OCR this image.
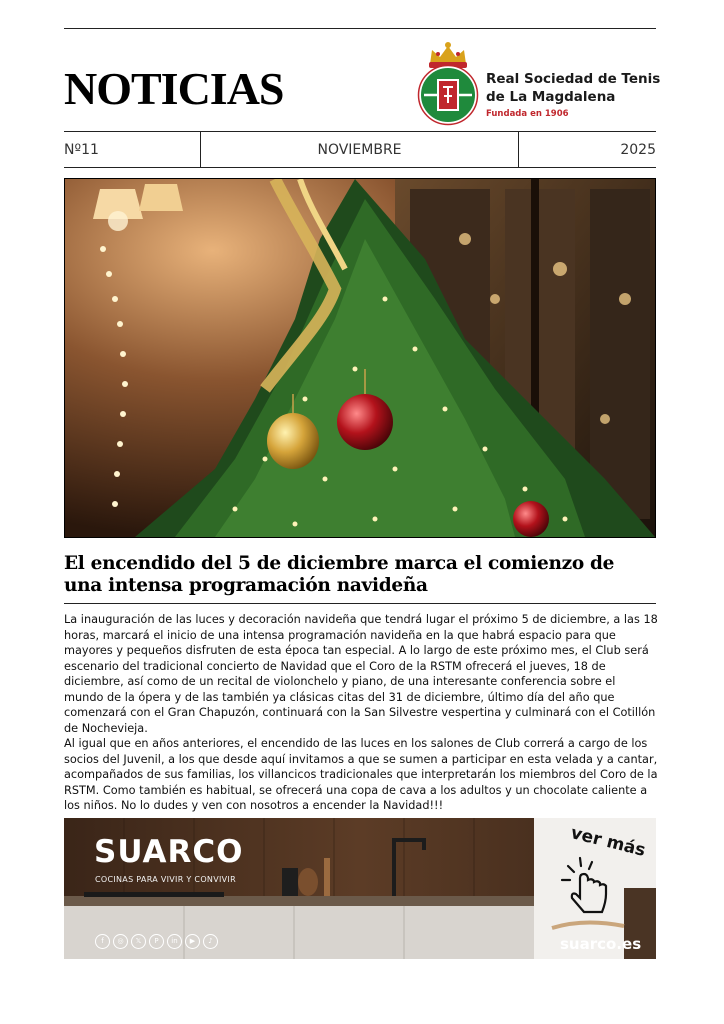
NOTICIAS	Real Sociedad de Tenis
de La Magdalena
Fundada en 1906
Nº11	NOVIEMBRE	2025
El encendido del 5 de diciembre marca el comienzo de una intensa programación navideña

La inauguración de las luces y decoración navideña que tendrá lugar el próximo 5 de diciembre, a las 18 horas, marcará el inicio de una intensa programación navideña en la que habrá espacio para que mayores y pequeños disfruten de esta época tan especial. A lo largo de este próximo mes, el Club será escenario del tradicional concierto de Navidad que el Coro de la RSTM ofrecerá el jueves, 18 de diciembre, así como de un recital de violonchelo y piano, de una interesante conferencia sobre el mundo de la ópera y de las también ya clásicas citas del 31 de diciembre, último día del año que comenzará con el Gran Chapuzón, continuará con la San Silvestre vespertina y culminará con el Cotillón de Nochevieja.

Al igual que en años anteriores, el encendido de las luces en los salones de Club correrá a cargo de los socios del Juvenil, a los que desde aquí invitamos a que se sumen a participar en esta velada y a cantar, acompañados de sus familias, los villancicos tradicionales que interpretarán los miembros del Coro de la RSTM. Como también es habitual, se ofrecerá una copa de cava a los adultos y un chocolate caliente a los niños. No lo dudes y ven con nosotros a encender la Navidad!!!

SUARCO
COCINAS PARA VIVIR Y CONVIVIR
f	◎	𝕏	P	in	▶	♪
ver más
suarco.es
